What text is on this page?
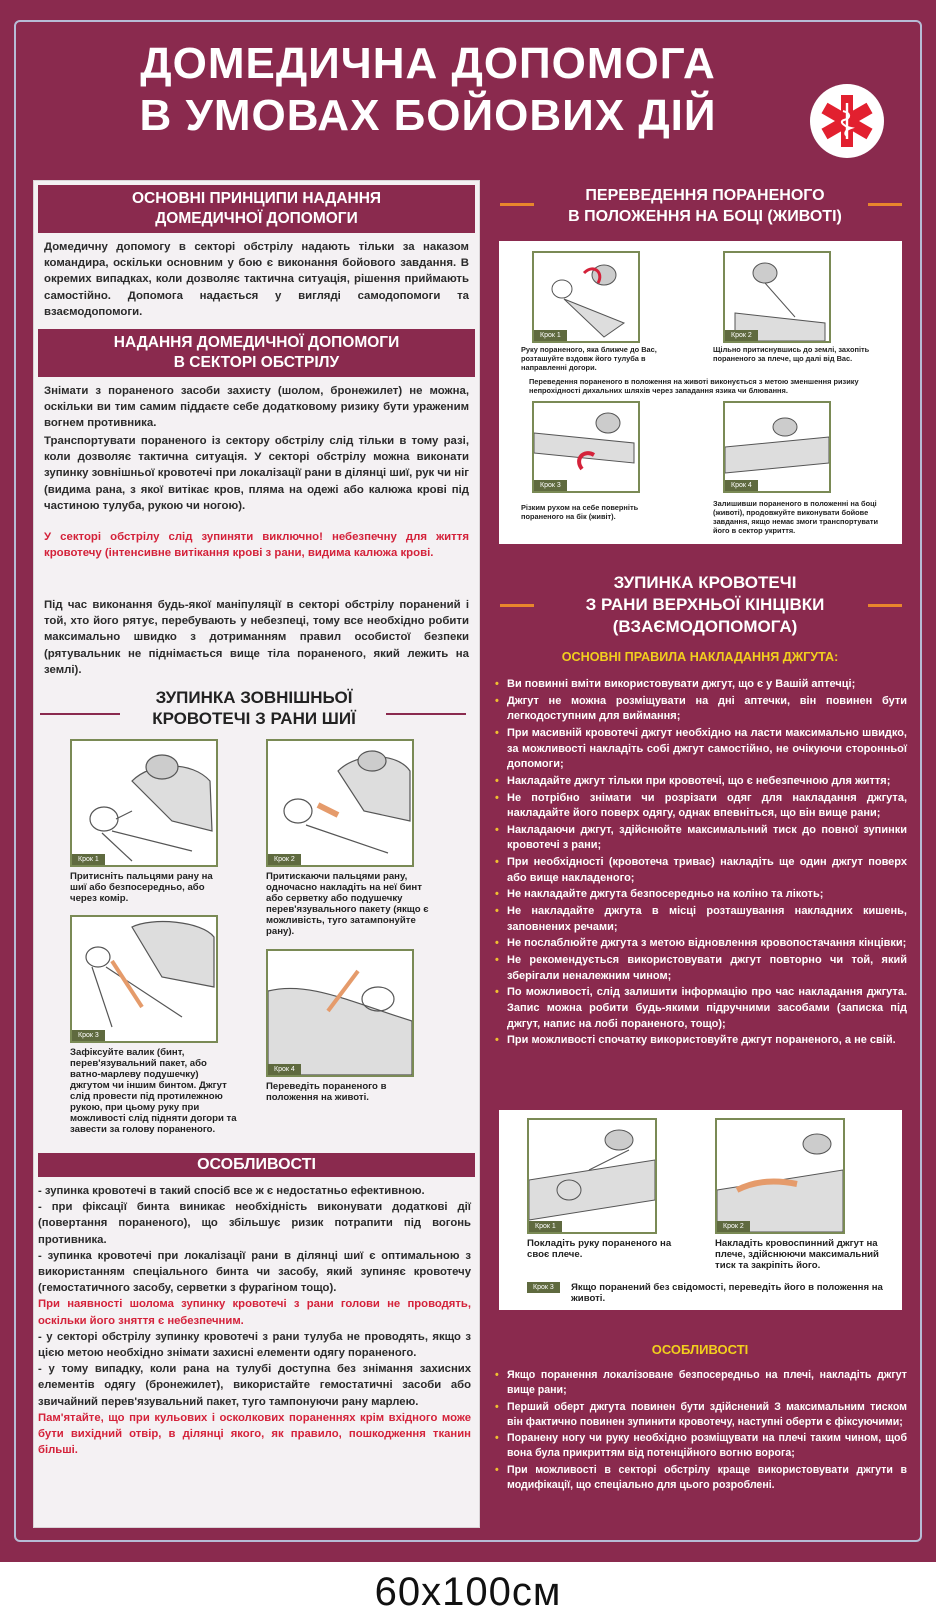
ДОМЕДИЧНА ДОПОМОГА
В УМОВАХ БОЙОВИХ ДІЙ
ОСНОВНІ ПРИНЦИПИ НАДАННЯ
ДОМЕДИЧНОЇ ДОПОМОГИ
Домедичну допомогу в секторі обстрілу надають тільки за наказом командира, оскільки основним у бою є виконання бойового завдання. В окремих випадках, коли дозволяє тактична ситуація, рішення приймають самостійно. Допомога надається у вигляді самодопомоги та взаємодопомоги.
НАДАННЯ ДОМЕДИЧНОЇ ДОПОМОГИ
В СЕКТОРІ ОБСТРІЛУ
Знімати з пораненого засоби захисту (шолом, бронежилет) не можна, оскільки ви тим самим піддаєте себе додатковому ризику бути ураженим вогнем противника.
Транспортувати пораненого із сектору обстрілу слід тільки в тому разі, коли дозволяє тактична ситуація. У секторі обстрілу можна виконати зупинку зовнішньої кровотечі при локалізації рани в ділянці шиї, рук чи ніг (видима рана, з якої витікає кров, пляма на одежі або калюжа крові під частиною тулуба, рукою чи ногою).
У секторі обстрілу слід зупиняти виключно! небезпечну для життя кровотечу (інтенсивне витікання крові з рани, видима калюжа крові.
Під час виконання будь-якої маніпуляції в секторі обстрілу поранений і той, хто його рятує, перебувають у небезпеці, тому все необхідно робити максимально швидко з дотриманням правил особистої безпеки (рятувальник не піднімається вище тіла пораненого, який лежить на землі).
ЗУПИНКА ЗОВНІШНЬОЇ
КРОВОТЕЧІ З РАНИ ШИЇ
Крок 1
Притисніть пальцями рану на шиї або безпосередньо, або через комір.
Крок 2
Притискаючи пальцями рану, одночасно накладіть на неї бинт або серветку або подушечку перев'язувального пакету (якщо є можливість, туго затампонуйте рану).
Крок 3
Зафіксуйте валик (бинт, перев'язувальний пакет, або ватно-марлеву подушечку) джгутом чи іншим бинтом. Джгут слід провести під протилежною рукою, при цьому руку при можливості слід підняти догори та завести за голову пораненого.
Крок 4
Переведіть пораненого в положення на животі.
ОСОБЛИВОСТІ
- зупинка кровотечі в такий спосіб все ж є недостатньо ефективною.
- при фіксації бинта виникає необхідність виконувати додаткові дії (повертання пораненого), що збільшує ризик потрапити під вогонь противника.
- зупинка кровотечі при локалізації рани в ділянці шиї є оптимальною з використанням спеціального бинта чи засобу, який зупиняє кровотечу (гемостатичного засобу, серветки з фурагіном тощо).
При наявності шолома зупинку кровотечі з рани голови не проводять, оскільки його зняття є небезпечним.
- у секторі обстрілу зупинку кровотечі з рани тулуба не проводять, якщо з цією метою необхідно знімати захисні елементи одягу пораненого.
- у тому випадку, коли рана на тулубі доступна без знімання захисних елементів одягу (бронежилет), використайте гемостатичні засоби або звичайний перев'язувальний пакет, туго тампонуючи рану марлею.
Пам'ятайте, що при кульових і осколкових пораненнях крім вхідного може бути вихідний отвір, в ділянці якого, як правило, пошкодження тканин більші.
ПЕРЕВЕДЕННЯ ПОРАНЕНОГО
В ПОЛОЖЕННЯ НА БОЦІ (ЖИВОТІ)
Крок 1
Руку пораненого, яка ближче до Вас, розташуйте вздовж його тулуба в направленні догори.
Крок 2
Щільно притиснувшись до землі, захопіть пораненого за плече, що далі від Вас.
Переведення пораненого в положення на животі виконується з метою зменшення ризику непрохідності дихальних шляхів через западання язика чи блювання.
Крок 3
Різким рухом на себе поверніть пораненого на бік (живіт).
Крок 4
Залишивши пораненого в положенні на боці (животі), продовжуйте виконувати бойове завдання, якщо немає змоги транспортувати його в сектор укриття.
ЗУПИНКА КРОВОТЕЧІ
З РАНИ ВЕРХНЬОЇ КІНЦІВКИ
(ВЗАЄМОДОПОМОГА)
ОСНОВНІ ПРАВИЛА НАКЛАДАННЯ ДЖГУТА:
• Ви повинні вміти використовувати джгут, що є у Вашій аптечці;
• Джгут не можна розміщувати на дні аптечки, він повинен бути легкодоступним для виймання;
• При масивній кровотечі джгут необхідно на ласти максимально швидко, за можливості накладіть собі джгут самостійно, не очікуючи сторонньої допомоги;
• Накладайте джгут тільки при кровотечі, що є небезпечною для життя;
• Не потрібно знімати чи розрізати одяг для накладання джгута, накладайте його поверх одягу, однак впевніться, що він вище рани;
• Накладаючи джгут, здійснюйте максимальний тиск до повної зупинки кровотечі з рани;
• При необхідності (кровотеча триває) накладіть ще один джгут поверх або вище накладеного;
• Не накладайте джгута безпосередньо на коліно та лікоть;
• Не накладайте джгута в місці розташування накладних кишень, заповнених речами;
• Не послаблюйте джгута з метою відновлення кровопостачання кінцівки;
• Не рекомендується використовувати джгут повторно чи той, який зберігали неналежним чином;
• По можливості, слід залишити інформацію про час накладання джгута. Запис можна робити будь-якими підручними засобами (записка під джгут, напис на лобі пораненого, тощо);
• При можливості спочатку використовуйте джгут пораненого, а не свій.
Крок 1
Покладіть руку пораненого на своє плече.
Крок 2
Накладіть кровоспинний джгут на плече, здійснюючи максимальний тиск та закріпіть його.
Крок 3	Якщо поранений без свідомості, переведіть його в положення на животі.
ОСОБЛИВОСТІ
• Якщо поранення локалізоване безпосередньо на плечі, накладіть джгут вище рани;
• Перший оберт джгута повинен бути здійснений З максимальним тиском він фактично повинен зупинити кровотечу, наступні оберти є фіксуючими;
• Поранену ногу чи руку необхідно розміщувати на плечі таким чином, щоб вона була прикриттям від потенційного вогню ворога;
• При можливості в секторі обстрілу краще використовувати джгути в модифікації, що спеціально для цього розроблені.
60х100см
